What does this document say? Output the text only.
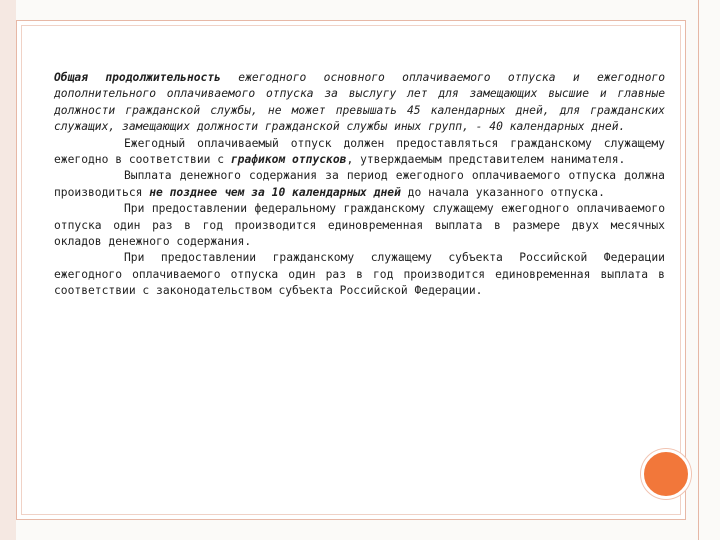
Общая продолжительность ежегодного основного оплачиваемого отпуска и ежегодного дополнительного оплачиваемого отпуска за выслугу лет для замещающих высшие и главные должности гражданской службы, не может превышать 45 календарных дней, для гражданских служащих, замещающих должности гражданской службы иных групп, - 40 календарных дней.

Ежегодный оплачиваемый отпуск должен предоставляться гражданскому служащему ежегодно в соответствии с графиком отпусков, утверждаемым представителем нанимателя.

Выплата денежного содержания за период ежегодного оплачиваемого отпуска должна производиться не позднее чем за 10 календарных дней до начала указанного отпуска.

При предоставлении федеральному гражданскому служащему ежегодного оплачиваемого отпуска один раз в год производится единовременная выплата в размере двух месячных окладов денежного содержания.

При предоставлении гражданскому служащему субъекта Российской Федерации ежегодного оплачиваемого отпуска один раз в год производится единовременная выплата в соответствии с законодательством субъекта Российской Федерации.
